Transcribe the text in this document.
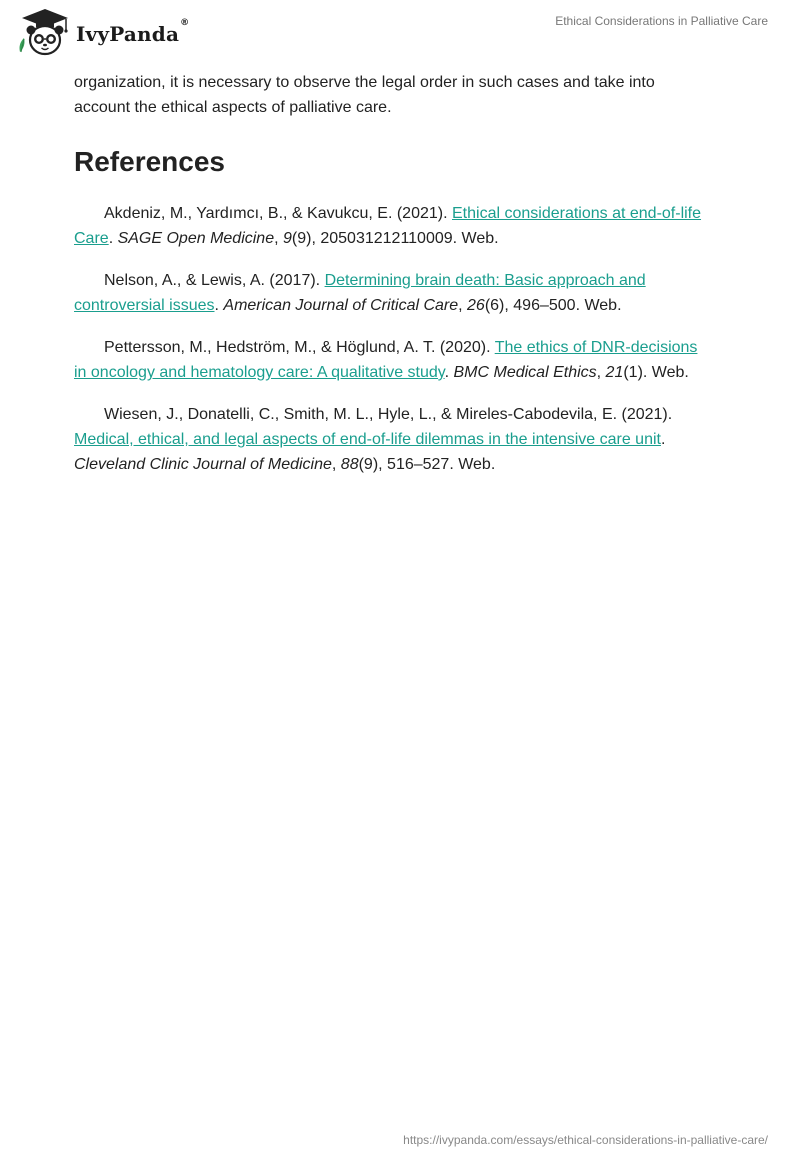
IvyPanda®	Ethical Considerations in Palliative Care

organization, it is necessary to observe the legal order in such cases and take into account the ethical aspects of palliative care.

References

Akdeniz, M., Yardımcı, B., & Kavukcu, E. (2021). Ethical considerations at end-of-life Care. SAGE Open Medicine, 9(9), 205031212110009. Web.

Nelson, A., & Lewis, A. (2017). Determining brain death: Basic approach and controversial issues. American Journal of Critical Care, 26(6), 496–500. Web.

Pettersson, M., Hedström, M., & Höglund, A. T. (2020). The ethics of DNR-decisions in oncology and hematology care: A qualitative study. BMC Medical Ethics, 21(1). Web.

Wiesen, J., Donatelli, C., Smith, M. L., Hyle, L., & Mireles-Cabodevila, E. (2021). Medical, ethical, and legal aspects of end-of-life dilemmas in the intensive care unit. Cleveland Clinic Journal of Medicine, 88(9), 516–527. Web.

https://ivypanda.com/essays/ethical-considerations-in-palliative-care/
